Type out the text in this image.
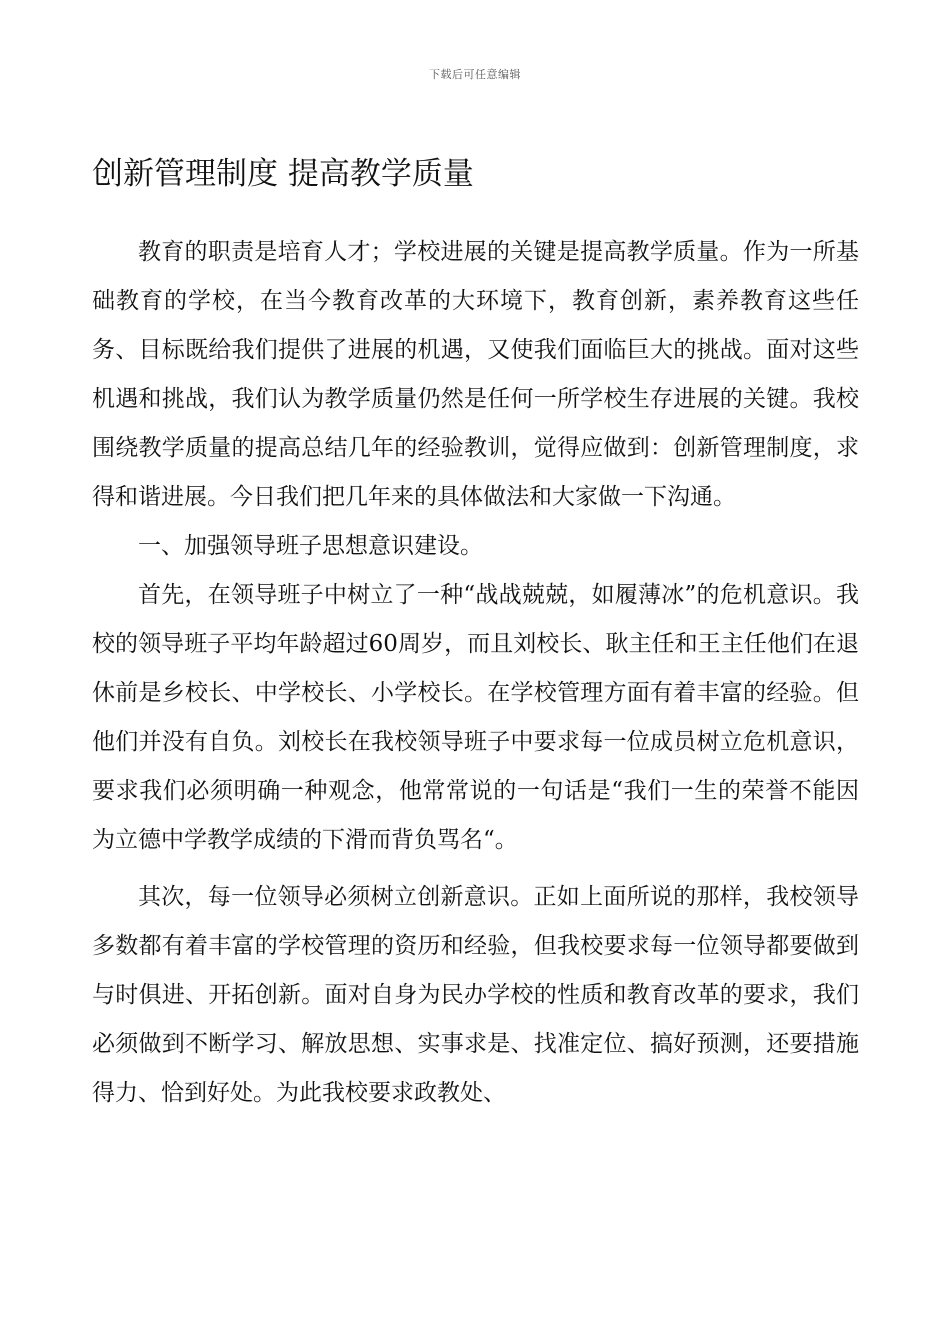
下载后可任意编辑
创新管理制度 提高教学质量

教育的职责是培育人才；学校进展的关键是提高教学质量。作为一所基础教育的学校，在当今教育改革的大环境下，教育创新，素养教育这些任务、目标既给我们提供了进展的机遇，又使我们面临巨大的挑战。面对这些机遇和挑战，我们认为教学质量仍然是任何一所学校生存进展的关键。我校围绕教学质量的提高总结几年的经验教训，觉得应做到：创新管理制度，求得和谐进展。今日我们把几年来的具体做法和大家做一下沟通。

一、加强领导班子思想意识建设。

首先，在领导班子中树立了一种“战战兢兢，如履薄冰”的危机意识。我校的领导班子平均年龄超过60周岁，而且刘校长、耿主任和王主任他们在退休前是乡校长、中学校长、小学校长。在学校管理方面有着丰富的经验。但他们并没有自负。刘校长在我校领导班子中要求每一位成员树立危机意识，要求我们必须明确一种观念，他常常说的一句话是“我们一生的荣誉不能因为立德中学教学成绩的下滑而背负骂名“。

其次，每一位领导必须树立创新意识。正如上面所说的那样，我校领导多数都有着丰富的学校管理的资历和经验，但我校要求每一位领导都要做到与时俱进、开拓创新。面对自身为民办学校的性质和教育改革的要求，我们必须做到不断学习、解放思想、实事求是、找准定位、搞好预测，还要措施得力、恰到好处。为此我校要求政教处、
